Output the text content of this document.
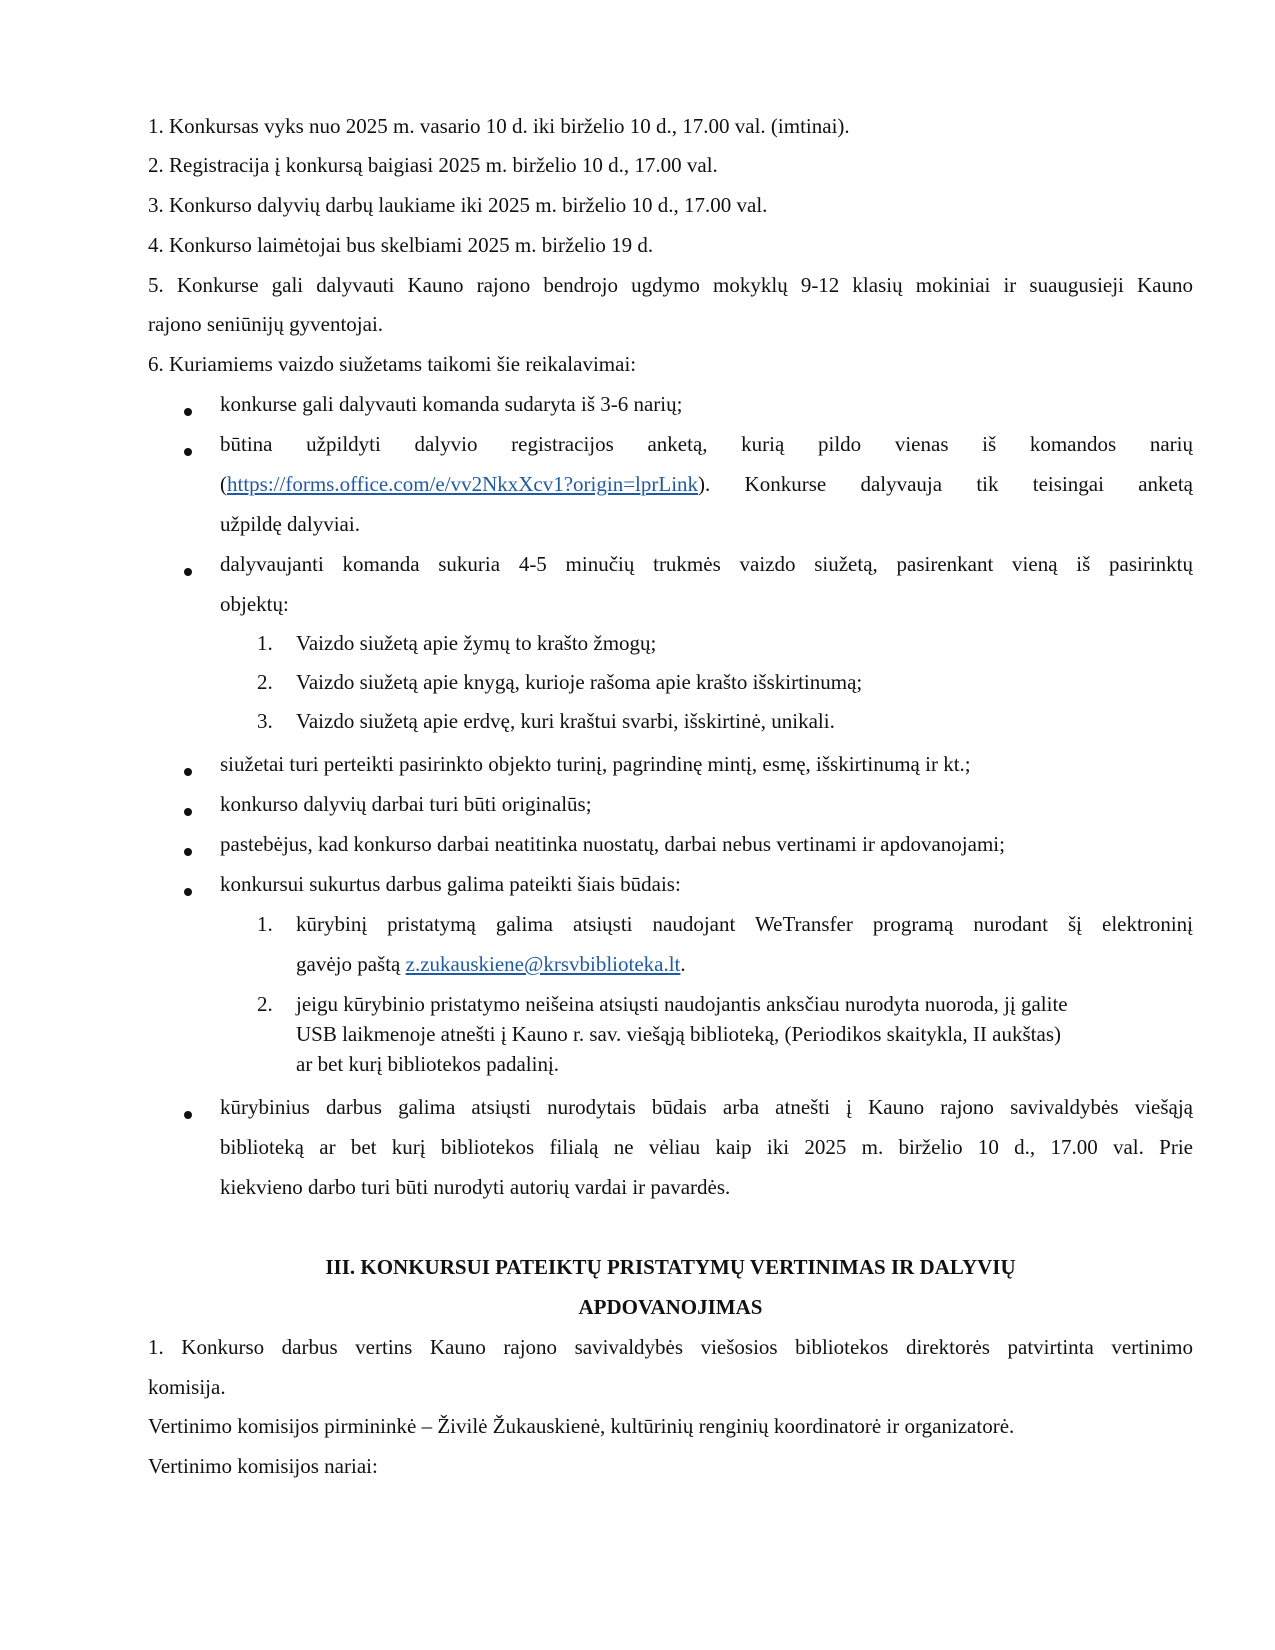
1. Konkursas vyks nuo 2025 m. vasario 10 d. iki birželio 10 d., 17.00 val. (imtinai).
2. Registracija į konkursą baigiasi 2025 m. birželio 10 d., 17.00 val.
3. Konkurso dalyvių darbų laukiame iki 2025 m. birželio 10 d., 17.00 val.
4. Konkurso laimėtojai bus skelbiami 2025 m. birželio 19 d.
5. Konkurse gali dalyvauti Kauno rajono bendrojo ugdymo mokyklų 9-12 klasių mokiniai ir suaugusieji Kauno
rajono seniūnijų gyventojai.
6. Kuriamiems vaizdo siužetams taikomi šie reikalavimai:
konkurse gali dalyvauti komanda sudaryta iš 3-6 narių;
būtina užpildyti dalyvio registracijos anketą, kurią pildo vienas iš komandos narių
(https://forms.office.com/e/vv2NkxXcv1?origin=lprLink). Konkurse dalyvauja tik teisingai anketą
užpildę dalyviai.
dalyvaujanti komanda sukuria 4-5 minučių trukmės vaizdo siužetą, pasirenkant vieną iš pasirinktų
objektų:
1. Vaizdo siužetą apie žymų to krašto žmogų;
2. Vaizdo siužetą apie knygą, kurioje rašoma apie krašto išskirtinumą;
3. Vaizdo siužetą apie erdvę, kuri kraštui svarbi, išskirtinė, unikali.
siužetai turi perteikti pasirinkto objekto turinį, pagrindinę mintį, esmę, išskirtinumą ir kt.;
konkurso dalyvių darbai turi būti originalūs;
pastebėjus, kad konkurso darbai neatitinka nuostatų, darbai nebus vertinami ir apdovanojami;
konkursui sukurtus darbus galima pateikti šiais būdais:
1. kūrybinį pristatymą galima atsiųsti naudojant WeTransfer programą nurodant šį elektroninį
gavėjo paštą z.zukauskiene@krsvbiblioteka.lt.
2. jeigu kūrybinio pristatymo neišeina atsiųsti naudojantis anksčiau nurodyta nuoroda, jį galite
USB laikmenoje atnešti į Kauno r. sav. viešąją biblioteką, (Periodikos skaitykla, II aukštas)
ar bet kurį bibliotekos padalinį.
kūrybinius darbus galima atsiųsti nurodytais būdais arba atnešti į Kauno rajono savivaldybės viešąją
biblioteką ar bet kurį bibliotekos filialą ne vėliau kaip iki 2025 m. birželio 10 d., 17.00 val. Prie
kiekvieno darbo turi būti nurodyti autorių vardai ir pavardės.
III. KONKURSUI PATEIKTŲ PRISTATYMŲ VERTINIMAS IR DALYVIŲ
APDOVANOJIMAS
1. Konkurso darbus vertins Kauno rajono savivaldybės viešosios bibliotekos direktorės patvirtinta vertinimo
komisija.
Vertinimo komisijos pirmininkė – Živilė Žukauskienė, kultūrinių renginių koordinatorė ir organizatorė.
Vertinimo komisijos nariai:
